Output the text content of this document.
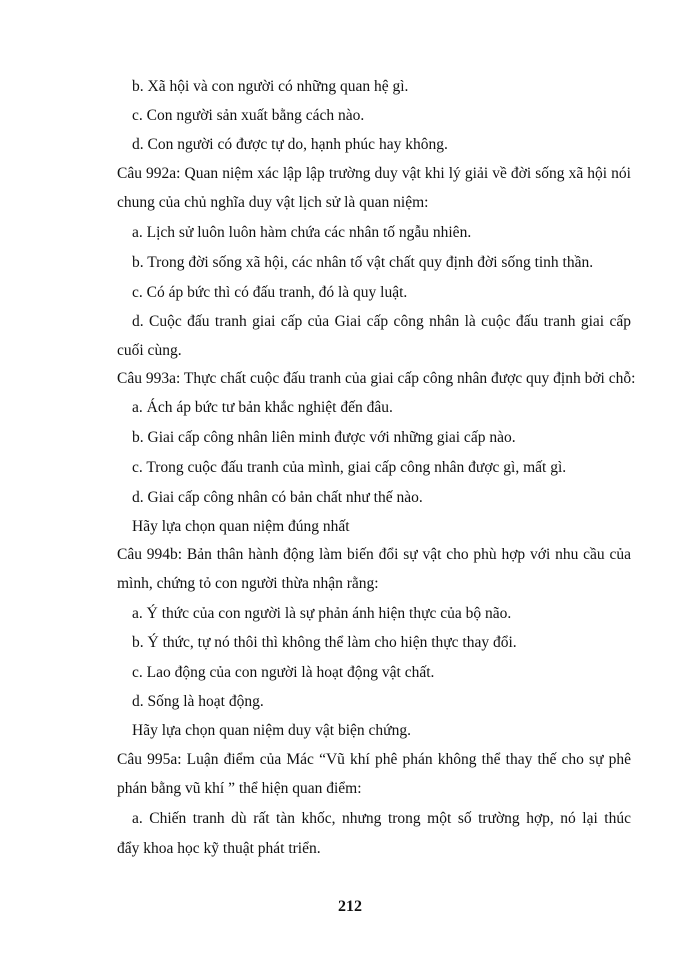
b. Xã hội và con người có những quan hệ gì.
c. Con người sản xuất bằng cách nào.
d. Con người có được tự do, hạnh phúc hay không.
Câu 992a: Quan niệm xác lập lập trường duy vật khi lý giải về đời sống xã hội nói
chung của chủ nghĩa duy vật lịch sử là quan niệm:
a. Lịch sử luôn luôn hàm chứa các nhân tố ngẫu nhiên.
b. Trong đời sống xã hội, các nhân tố vật chất quy định đời sống tinh thần.
c. Có áp bức thì có đấu tranh, đó là quy luật.
d. Cuộc đấu tranh giai cấp của Giai cấp công nhân là cuộc đấu tranh giai cấp
cuối cùng.
Câu 993a: Thực chất cuộc đấu tranh của giai cấp công nhân được quy định bởi chỗ:
a. Ách áp bức tư bản khắc nghiệt đến đâu.
b. Giai cấp công nhân liên minh được với những giai cấp nào.
c. Trong cuộc đấu tranh của mình, giai cấp công nhân được gì, mất gì.
d. Giai cấp công nhân có bản chất như thế nào.
Hãy lựa chọn quan niệm đúng nhất
Câu 994b: Bản thân hành động làm biến đổi sự vật cho phù hợp với nhu cầu của
mình, chứng tỏ con người thừa nhận rằng:
a. Ý thức của con người là sự phản ánh hiện thực của bộ não.
b. Ý thức, tự nó thôi thì không thể làm cho hiện thực thay đổi.
c. Lao động của con người là hoạt động vật chất.
d. Sống là hoạt động.
Hãy lựa chọn quan niệm duy vật biện chứng.
Câu 995a: Luận điểm của Mác “Vũ khí phê phán không thể thay thế cho sự phê
phán bằng vũ khí ” thể hiện quan điểm:
a. Chiến tranh dù rất tàn khốc, nhưng trong một số trường hợp, nó lại thúc
đẩy khoa học kỹ thuật phát triển.
212
